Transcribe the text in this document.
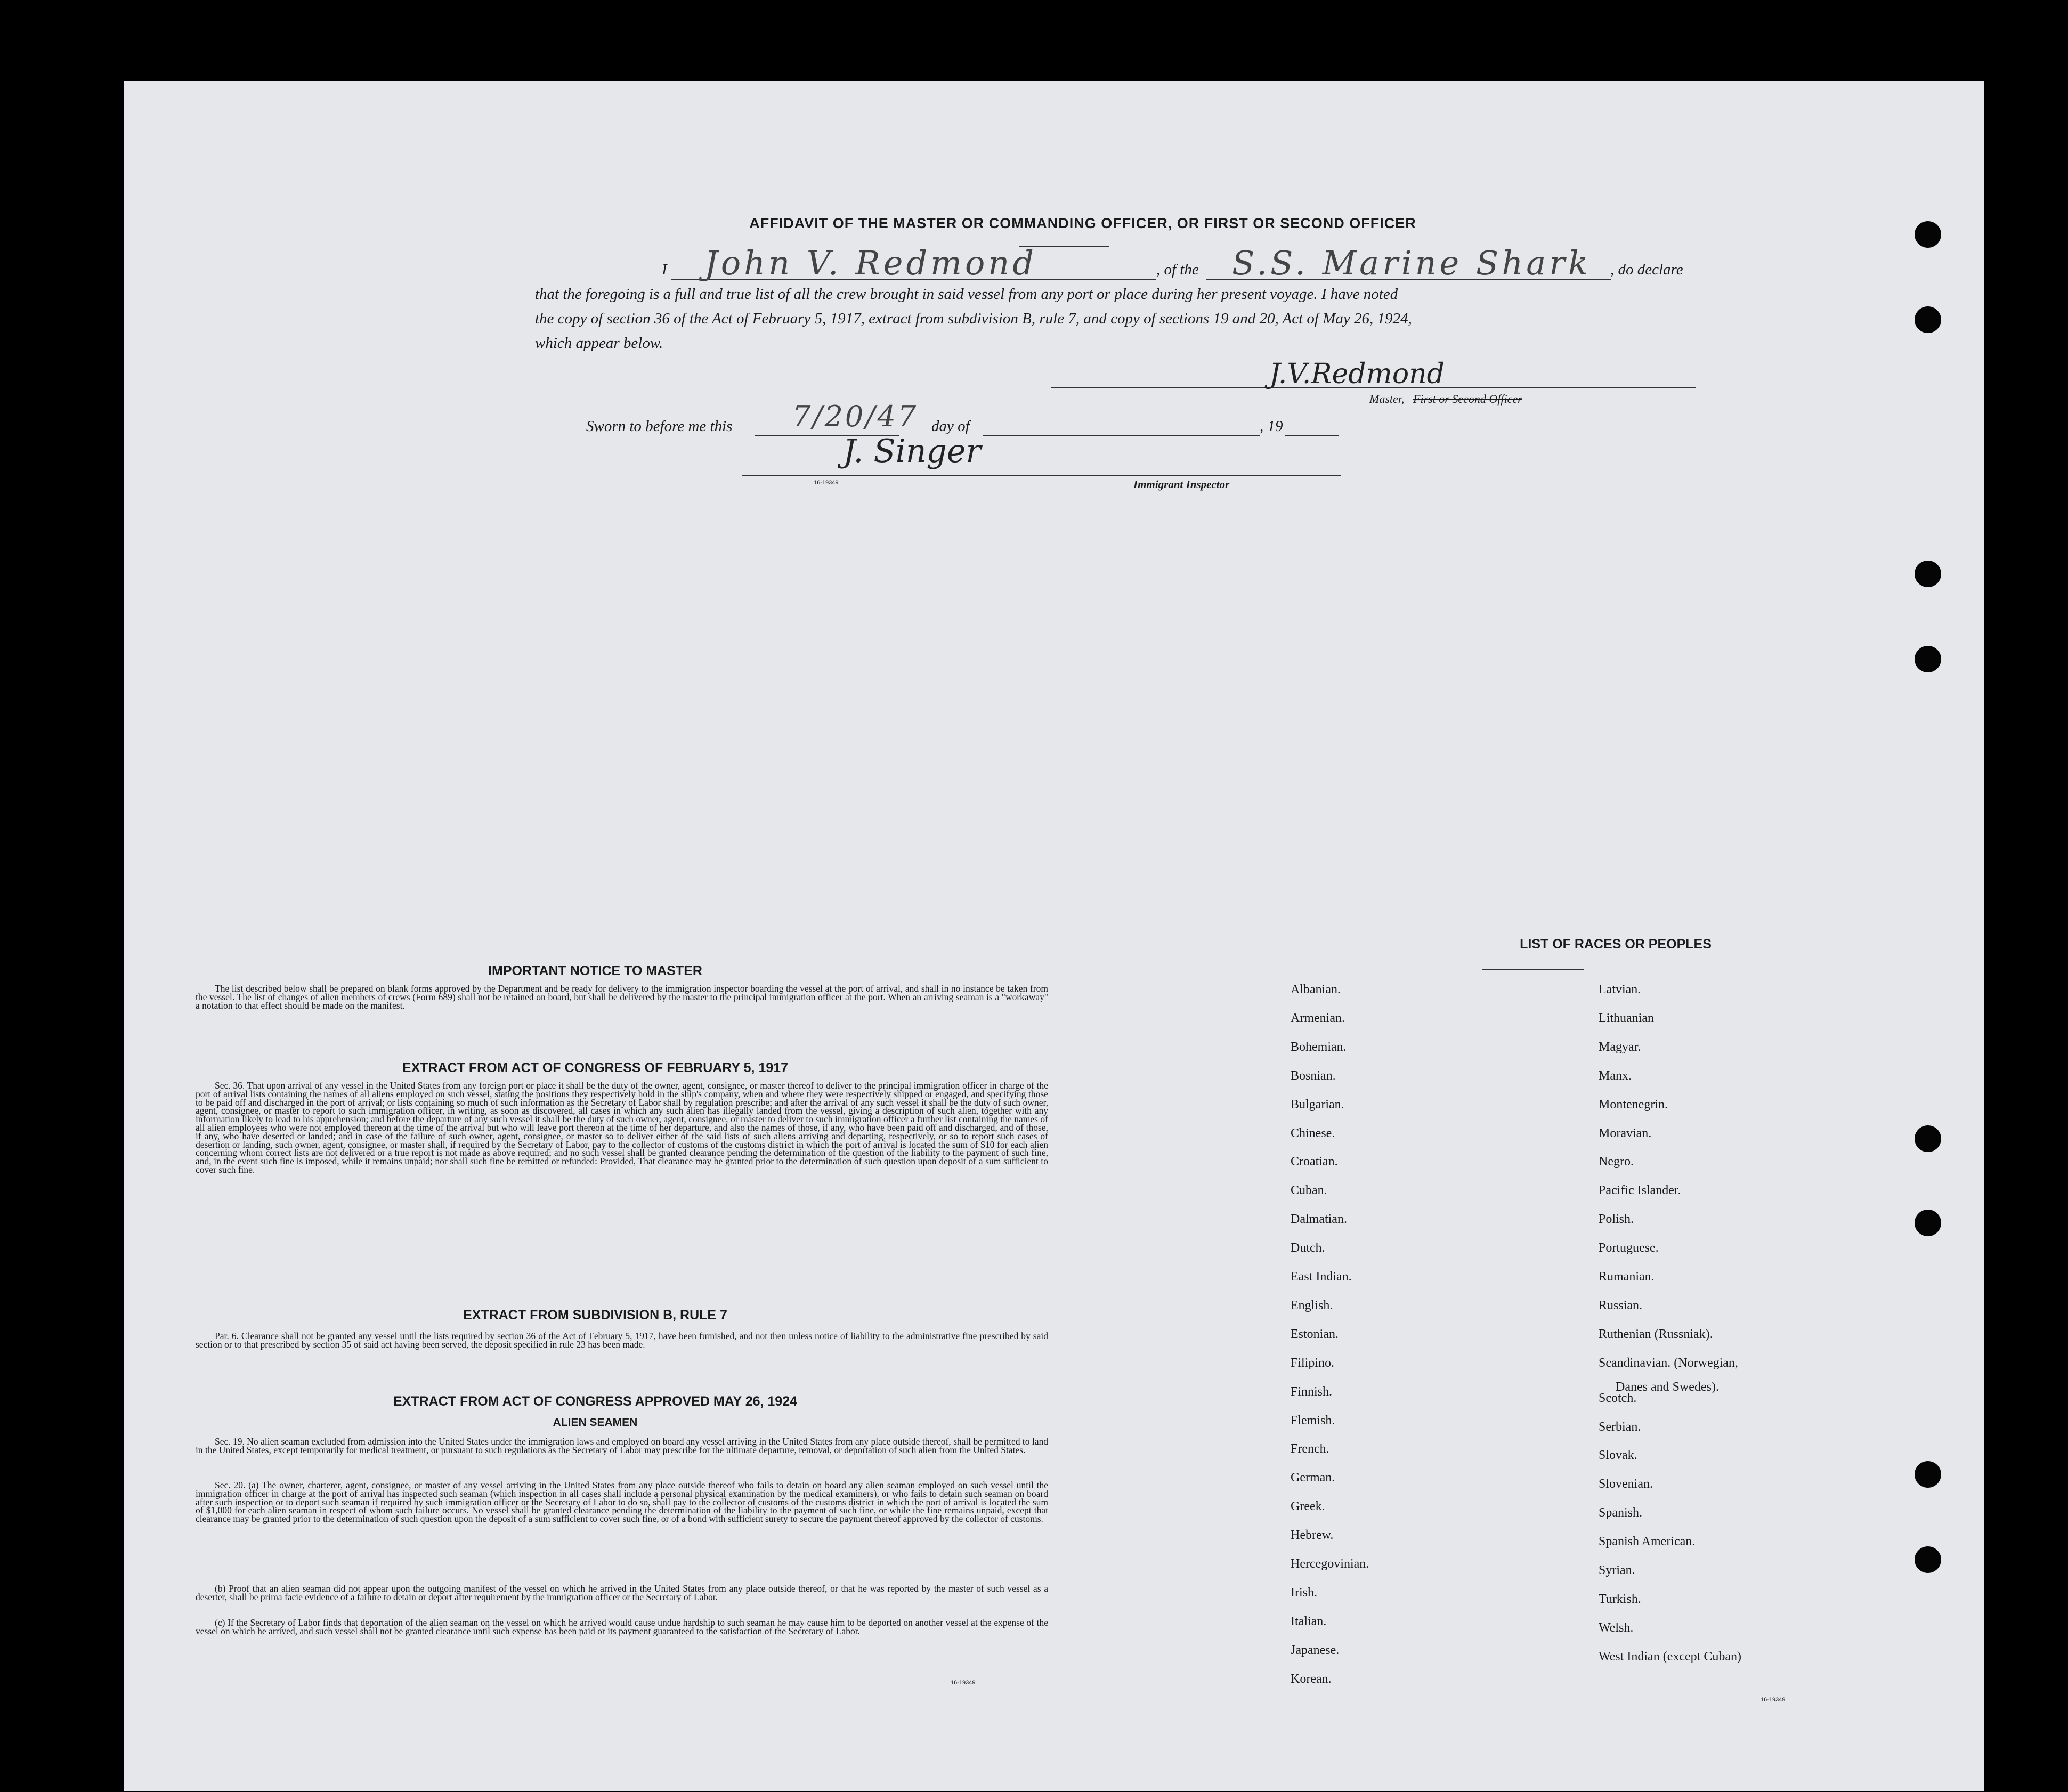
AFFIDAVIT OF THE MASTER OR COMMANDING OFFICER, OR FIRST OR SECOND OFFICER
I John V. Redmond	, of the S.S. Marine Shark , do declare
that the foregoing is a full and true list of all the crew brought in said vessel from any port or place during her present voyage. I have noted
the copy of section 36 of the Act of February 5, 1917, extract from subdivision B, rule 7, and copy of sections 19 and 20, Act of May 26, 1924,
which appear below.
J.V.Redmond
Master, First or Second Officer
Sworn to before me this 7/20/47 day of	, 19
J. Singer
16-19349	Immigrant Inspector
IMPORTANT NOTICE TO MASTER

The list described below shall be prepared on blank forms approved by the Department and be ready for delivery to the immigration inspector boarding the vessel at the port of arrival, and shall in no instance be taken from the vessel. The list of changes of alien members of crews (Form 689) shall not be retained on board, but shall be delivered by the master to the principal immigration officer at the port. When an arriving seaman is a "workaway" a notation to that effect should be made on the manifest.

EXTRACT FROM ACT OF CONGRESS OF FEBRUARY 5, 1917

Sec. 36. That upon arrival of any vessel in the United States from any foreign port or place it shall be the duty of the owner, agent, consignee, or master thereof to deliver to the principal immigration officer in charge of the port of arrival lists containing the names of all aliens employed on such vessel, stating the positions they respectively hold in the ship's company, when and where they were respectively shipped or engaged, and specifying those to be paid off and discharged in the port of arrival; or lists containing so much of such information as the Secretary of Labor shall by regulation prescribe; and after the arrival of any such vessel it shall be the duty of such owner, agent, consignee, or master to report to such immigration officer, in writing, as soon as discovered, all cases in which any such alien has illegally landed from the vessel, giving a description of such alien, together with any information likely to lead to his apprehension; and before the departure of any such vessel it shall be the duty of such owner, agent, consignee, or master to deliver to such immigration officer a further list containing the names of all alien employees who were not employed thereon at the time of the arrival but who will leave port thereon at the time of her departure, and also the names of those, if any, who have been paid off and discharged, and of those, if any, who have deserted or landed; and in case of the failure of such owner, agent, consignee, or master so to deliver either of the said lists of such aliens arriving and departing, respectively, or so to report such cases of desertion or landing, such owner, agent, consignee, or master shall, if required by the Secretary of Labor, pay to the collector of customs of the customs district in which the port of arrival is located the sum of $10 for each alien concerning whom correct lists are not delivered or a true report is not made as above required; and no such vessel shall be granted clearance pending the determination of the question of the liability to the payment of such fine, and, in the event such fine is imposed, while it remains unpaid; nor shall such fine be remitted or refunded: Provided, That clearance may be granted prior to the determination of such question upon deposit of a sum sufficient to cover such fine.

EXTRACT FROM SUBDIVISION B, RULE 7

Par. 6. Clearance shall not be granted any vessel until the lists required by section 36 of the Act of February 5, 1917, have been furnished, and not then unless notice of liability to the administrative fine prescribed by said section or to that prescribed by section 35 of said act having been served, the deposit specified in rule 23 has been made.

EXTRACT FROM ACT OF CONGRESS APPROVED MAY 26, 1924
ALIEN SEAMEN

Sec. 19. No alien seaman excluded from admission into the United States under the immigration laws and employed on board any vessel arriving in the United States from any place outside thereof, shall be permitted to land in the United States, except temporarily for medical treatment, or pursuant to such regulations as the Secretary of Labor may prescribe for the ultimate departure, removal, or deportation of such alien from the United States.

Sec. 20. (a) The owner, charterer, agent, consignee, or master of any vessel arriving in the United States from any place outside thereof who fails to detain on board any alien seaman employed on such vessel until the immigration officer in charge at the port of arrival has inspected such seaman (which inspection in all cases shall include a personal physical examination by the medical examiners), or who fails to detain such seaman on board after such inspection or to deport such seaman if required by such immigration officer or the Secretary of Labor to do so, shall pay to the collector of customs of the customs district in which the port of arrival is located the sum of $1,000 for each alien seaman in respect of whom such failure occurs. No vessel shall be granted clearance pending the determination of the liability to the payment of such fine, or while the fine remains unpaid, except that clearance may be granted prior to the determination of such question upon the deposit of a sum sufficient to cover such fine, or of a bond with sufficient surety to secure the payment thereof approved by the collector of customs.

(b) Proof that an alien seaman did not appear upon the outgoing manifest of the vessel on which he arrived in the United States from any place outside thereof, or that he was reported by the master of such vessel as a deserter, shall be prima facie evidence of a failure to detain or deport after requirement by the immigration officer or the Secretary of Labor.

(c) If the Secretary of Labor finds that deportation of the alien seaman on the vessel on which he arrived would cause undue hardship to such seaman he may cause him to be deported on another vessel at the expense of the vessel on which he arrived, and such vessel shall not be granted clearance until such expense has been paid or its payment guaranteed to the satisfaction of the Secretary of Labor.

16-19349
LIST OF RACES OR PEOPLES
Danes and Swedes).
16-19349
Albanian.
Armenian.
Bohemian.
Bosnian.
Bulgarian.
Chinese.
Croatian.
Cuban.
Dalmatian.
Dutch.
East Indian.
English.
Estonian.
Filipino.
Finnish.
Flemish.
French.
German.
Greek.
Hebrew.
Hercegovinian.
Irish.
Italian.
Japanese.
Korean.
Latvian.
Lithuanian
Magyar.
Manx.
Montenegrin.
Moravian.
Negro.
Pacific Islander.
Polish.
Portuguese.
Rumanian.
Russian.
Ruthenian (Russniak).
Scandinavian. (Norwegian,
Scotch.
Serbian.
Slovak.
Slovenian.
Spanish.
Spanish American.
Syrian.
Turkish.
Welsh.
West Indian (except Cuban)
